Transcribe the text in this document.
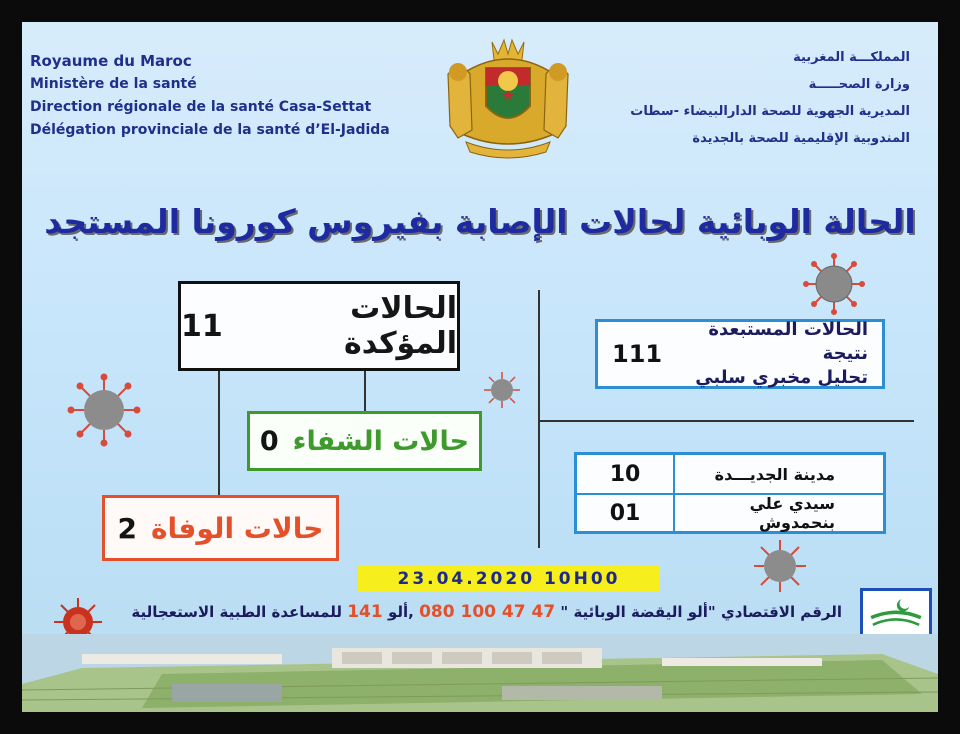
Royaume du Maroc
Ministère de la santé
Direction régionale de la santé Casa-Settat
Délégation provinciale de la santé d’El-Jadida
المملكـــة المغربية
وزارة الصحـــــة
المديرية الجهوية للصحة الدارالبيضاء -سطات
المندوبية الإقليمية للصحة بالجديدة
الحالة الوبائية لحالات الإصابة بفيروس كورونا المستجد
الحالات المؤكدة
11
حالات الشفاء
0
حالات الوفاة
2
الحالات المستبعدة نتيجة
تحليل مخبري سلبي
111
مدينة الجديـــدة
10
سيدي علي بنحمدوش
01
23.04.2020 10H00
الرقم الاقتصادي "ألو اليقضة الوبائية " 47 47 100 080 ,ألو 141 للمساعدة الطبية الاستعجالية
